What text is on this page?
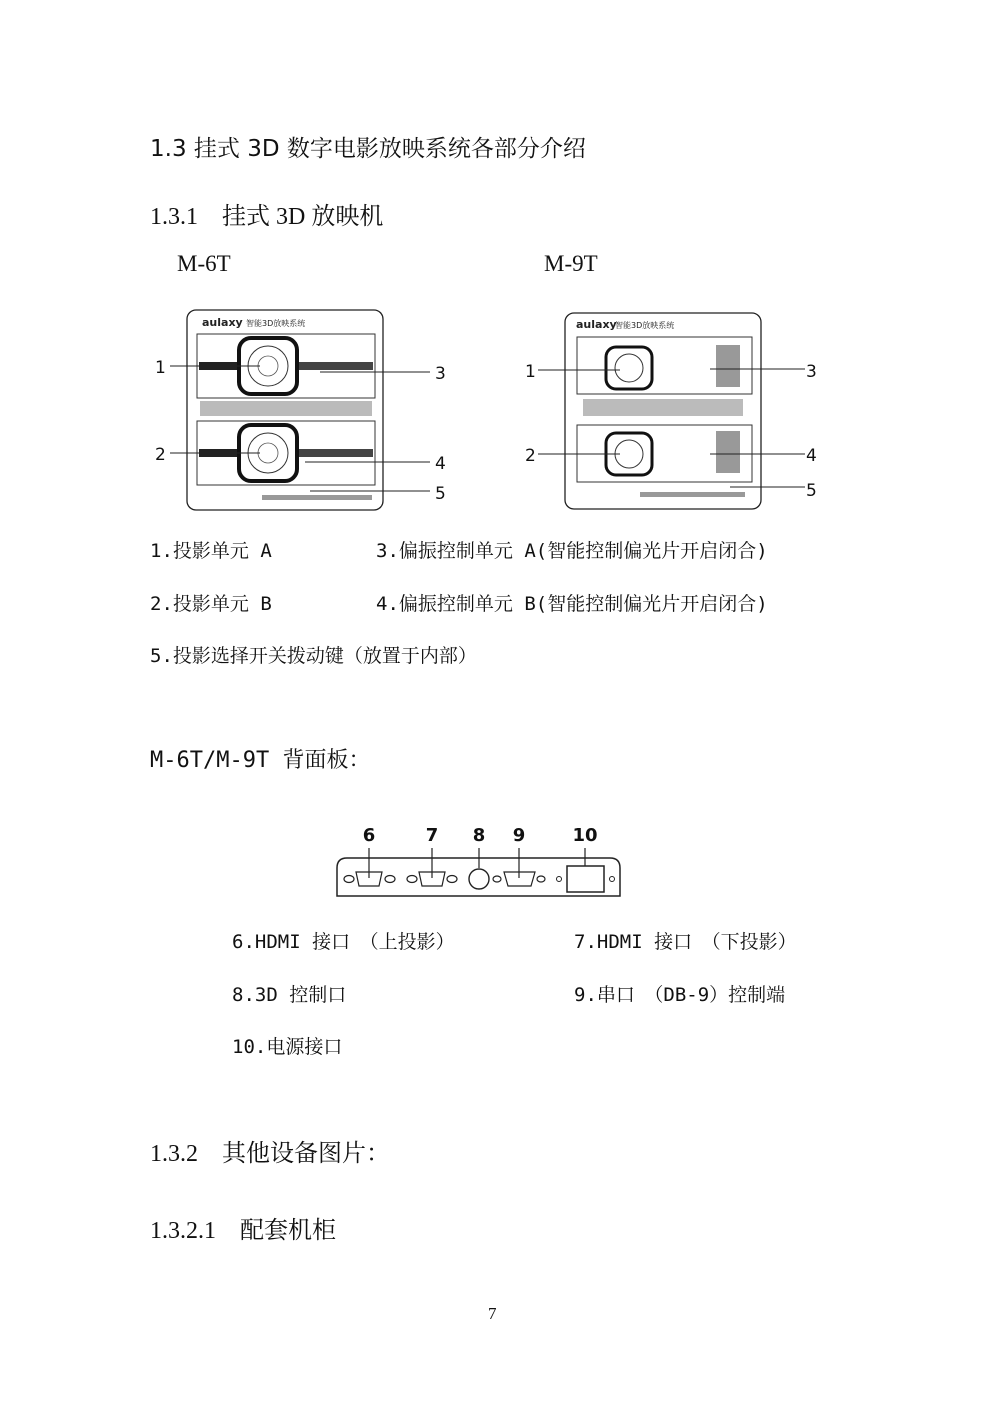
1.3 挂式 3D 数字电影放映系统各部分介绍
1.3.1　挂式 3D 放映机
M-6T	M-9T
aulaxy 智能3D放映系统
1
2
3
4
5
aulaxy
智能3D放映系统
1
2
3
4
5
1.投影单元 A	3.偏振控制单元 A(智能控制偏光片开启闭合)
2.投影单元 B	4.偏振控制单元 B(智能控制偏光片开启闭合)
5.投影选择开关拨动键（放置于内部）
M-6T/M-9T 背面板：
6	7 8 9	10
6.HDMI 接口　（上投影）	7.HDMI 接口　（下投影）
8.3D 控制口	9.串口　（DB-9）控制端
10.电源接口
1.3.2　其他设备图片：
1.3.2.1　配套机柜
7
